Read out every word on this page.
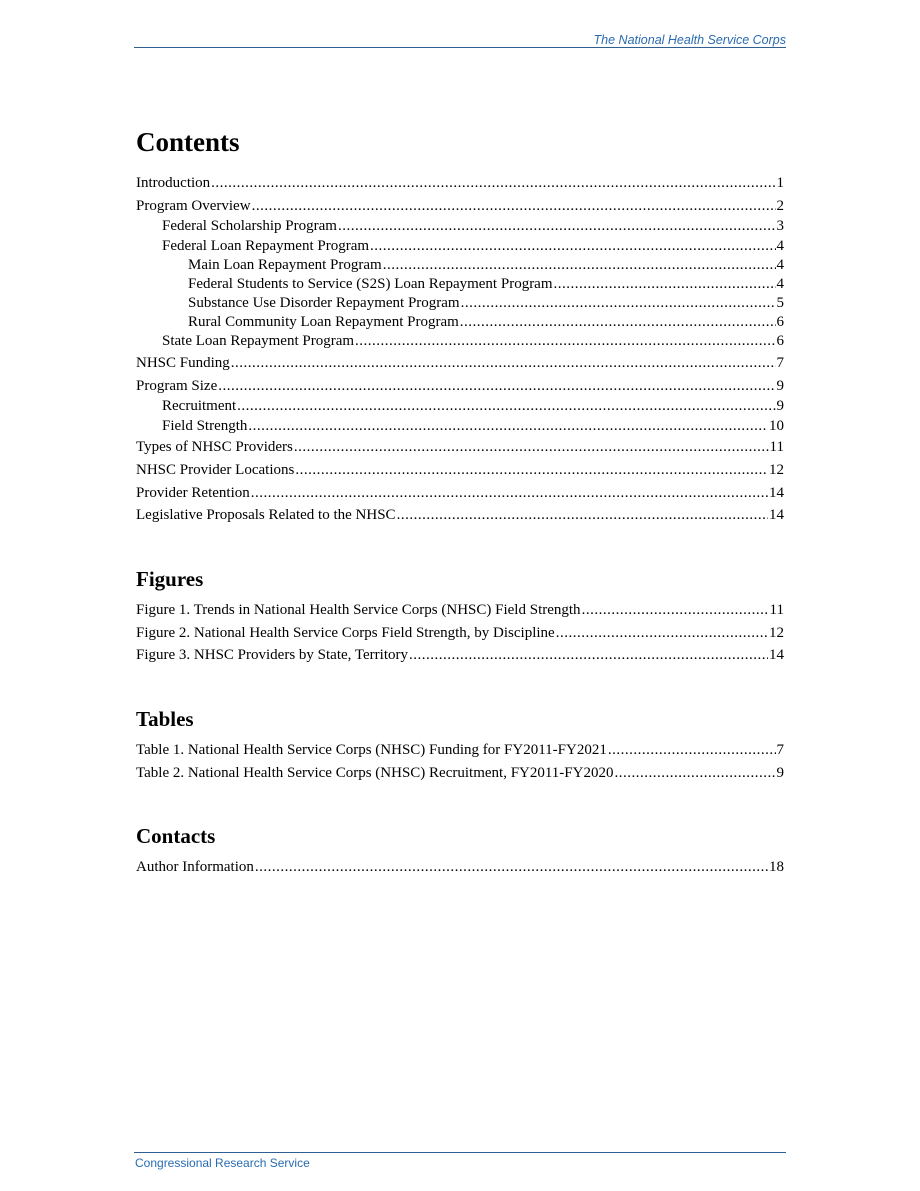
The National Health Service Corps
Contents
Introduction .....	1
Program Overview .....	2
Federal Scholarship Program .....	3
Federal Loan Repayment Program .....	4
Main Loan Repayment Program .....	4
Federal Students to Service (S2S) Loan Repayment Program .....	4
Substance Use Disorder Repayment Program .....	5
Rural Community Loan Repayment Program .....	6
State Loan Repayment Program .....	6
NHSC Funding .....	7
Program Size .....	9
Recruitment .....	9
Field Strength .....	10
Types of NHSC Providers .....	11
NHSC Provider Locations .....	12
Provider Retention .....	14
Legislative Proposals Related to the NHSC .....	14
Figures
Figure 1. Trends in National Health Service Corps (NHSC) Field Strength .....	11
Figure 2. National Health Service Corps Field Strength, by Discipline .....	12
Figure 3. NHSC Providers by State, Territory .....	14
Tables
Table 1. National Health Service Corps (NHSC) Funding for FY2011-FY2021 .....	7
Table 2. National Health Service Corps (NHSC) Recruitment, FY2011-FY2020 .....	9
Contacts
Author Information .....	18
Congressional Research Service
